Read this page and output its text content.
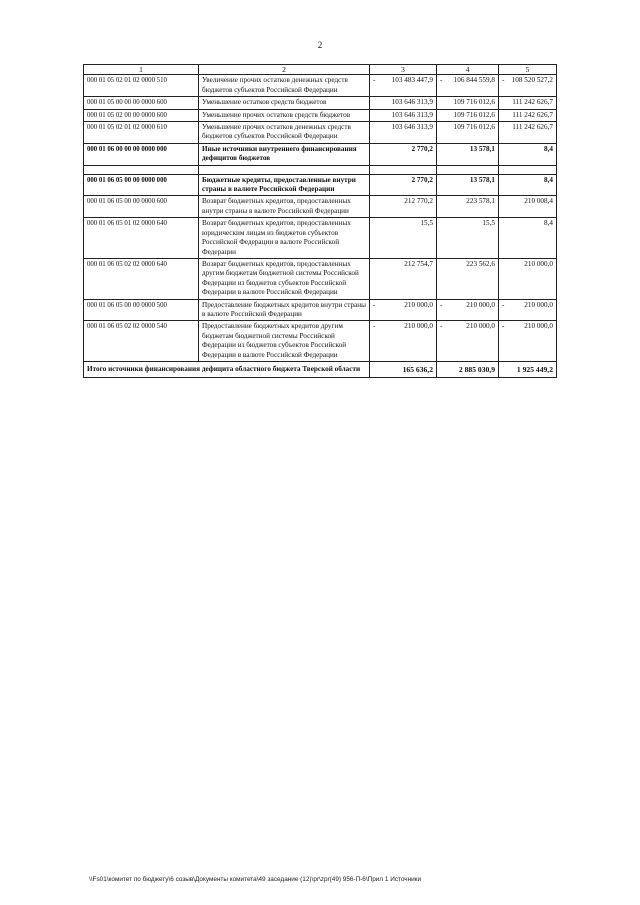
2
1	2	3	4	5
000 01 05 02 01 02 0000 510	Увеличение прочих остатков денежных средств бюджетов субъектов Российской Федерации	- 103 483 447,9	- 106 844 559,8	- 108 520 527,2
000 01 05 00 00 00 0000 600	Уменьшение остатков средств бюджетов	103 646 313,9	109 716 012,6	111 242 626,7
000 01 05 02 00 00 0000 600	Уменьшение прочих остатков средств бюджетов	103 646 313,9	109 716 012,6	111 242 626,7
000 01 05 02 01 02 0000 610	Уменьшение прочих остатков денежных средств бюджетов субъектов Российской Федерации	103 646 313,9	109 716 012,6	111 242 626,7
000 01 06 00 00 00 0000 000	Иные источники внутреннего финансирования дефицитов бюджетов	2 770,2	13 578,1	8,4

000 01 06 05 00 00 0000 000	Бюджетные кредиты, предоставленные внутри страны в валюте Российской Федерации	2 770,2	13 578,1	8,4
000 01 06 05 00 00 0000 600	Возврат бюджетных кредитов, предоставленных внутри страны в валюте Российской Федерации	212 770,2	223 578,1	210 008,4
000 01 06 05 01 02 0000 640	Возврат бюджетных кредитов, предоставленных юридическим лицам из бюджетов субъектов Российской Федерации в валюте Российской Федерации	15,5	15,5	8,4
000 01 06 05 02 02 0000 640	Возврат бюджетных кредитов, предоставленных другим бюджетам бюджетной системы Российской Федерации из бюджетов субъектов Российской Федерации в валюте Российской Федерации	212 754,7	223 562,6	210 000,0
000 01 06 05 00 00 0000 500	Предоставление бюджетных кредитов внутри страны в валюте Российской Федерации	- 210 000,0	- 210 000,0	- 210 000,0
000 01 06 05 02 02 0000 540	Предоставление бюджетных кредитов другим бюджетам бюджетной системы Российской Федерации из бюджетов субъектов Российской Федерации в валюте Российской Федерации	- 210 000,0	- 210 000,0	- 210 000,0
Итого источники финансирования дефицита областного бюджета Тверской области		165 636,2	2 885 030,9	1 925 449,2
\\Fs01\комитет по бюджету\6 созыв\Документы комитета\49 заседание (12)\pr\zpr(49) 956-П-6\Прил 1 Источники
